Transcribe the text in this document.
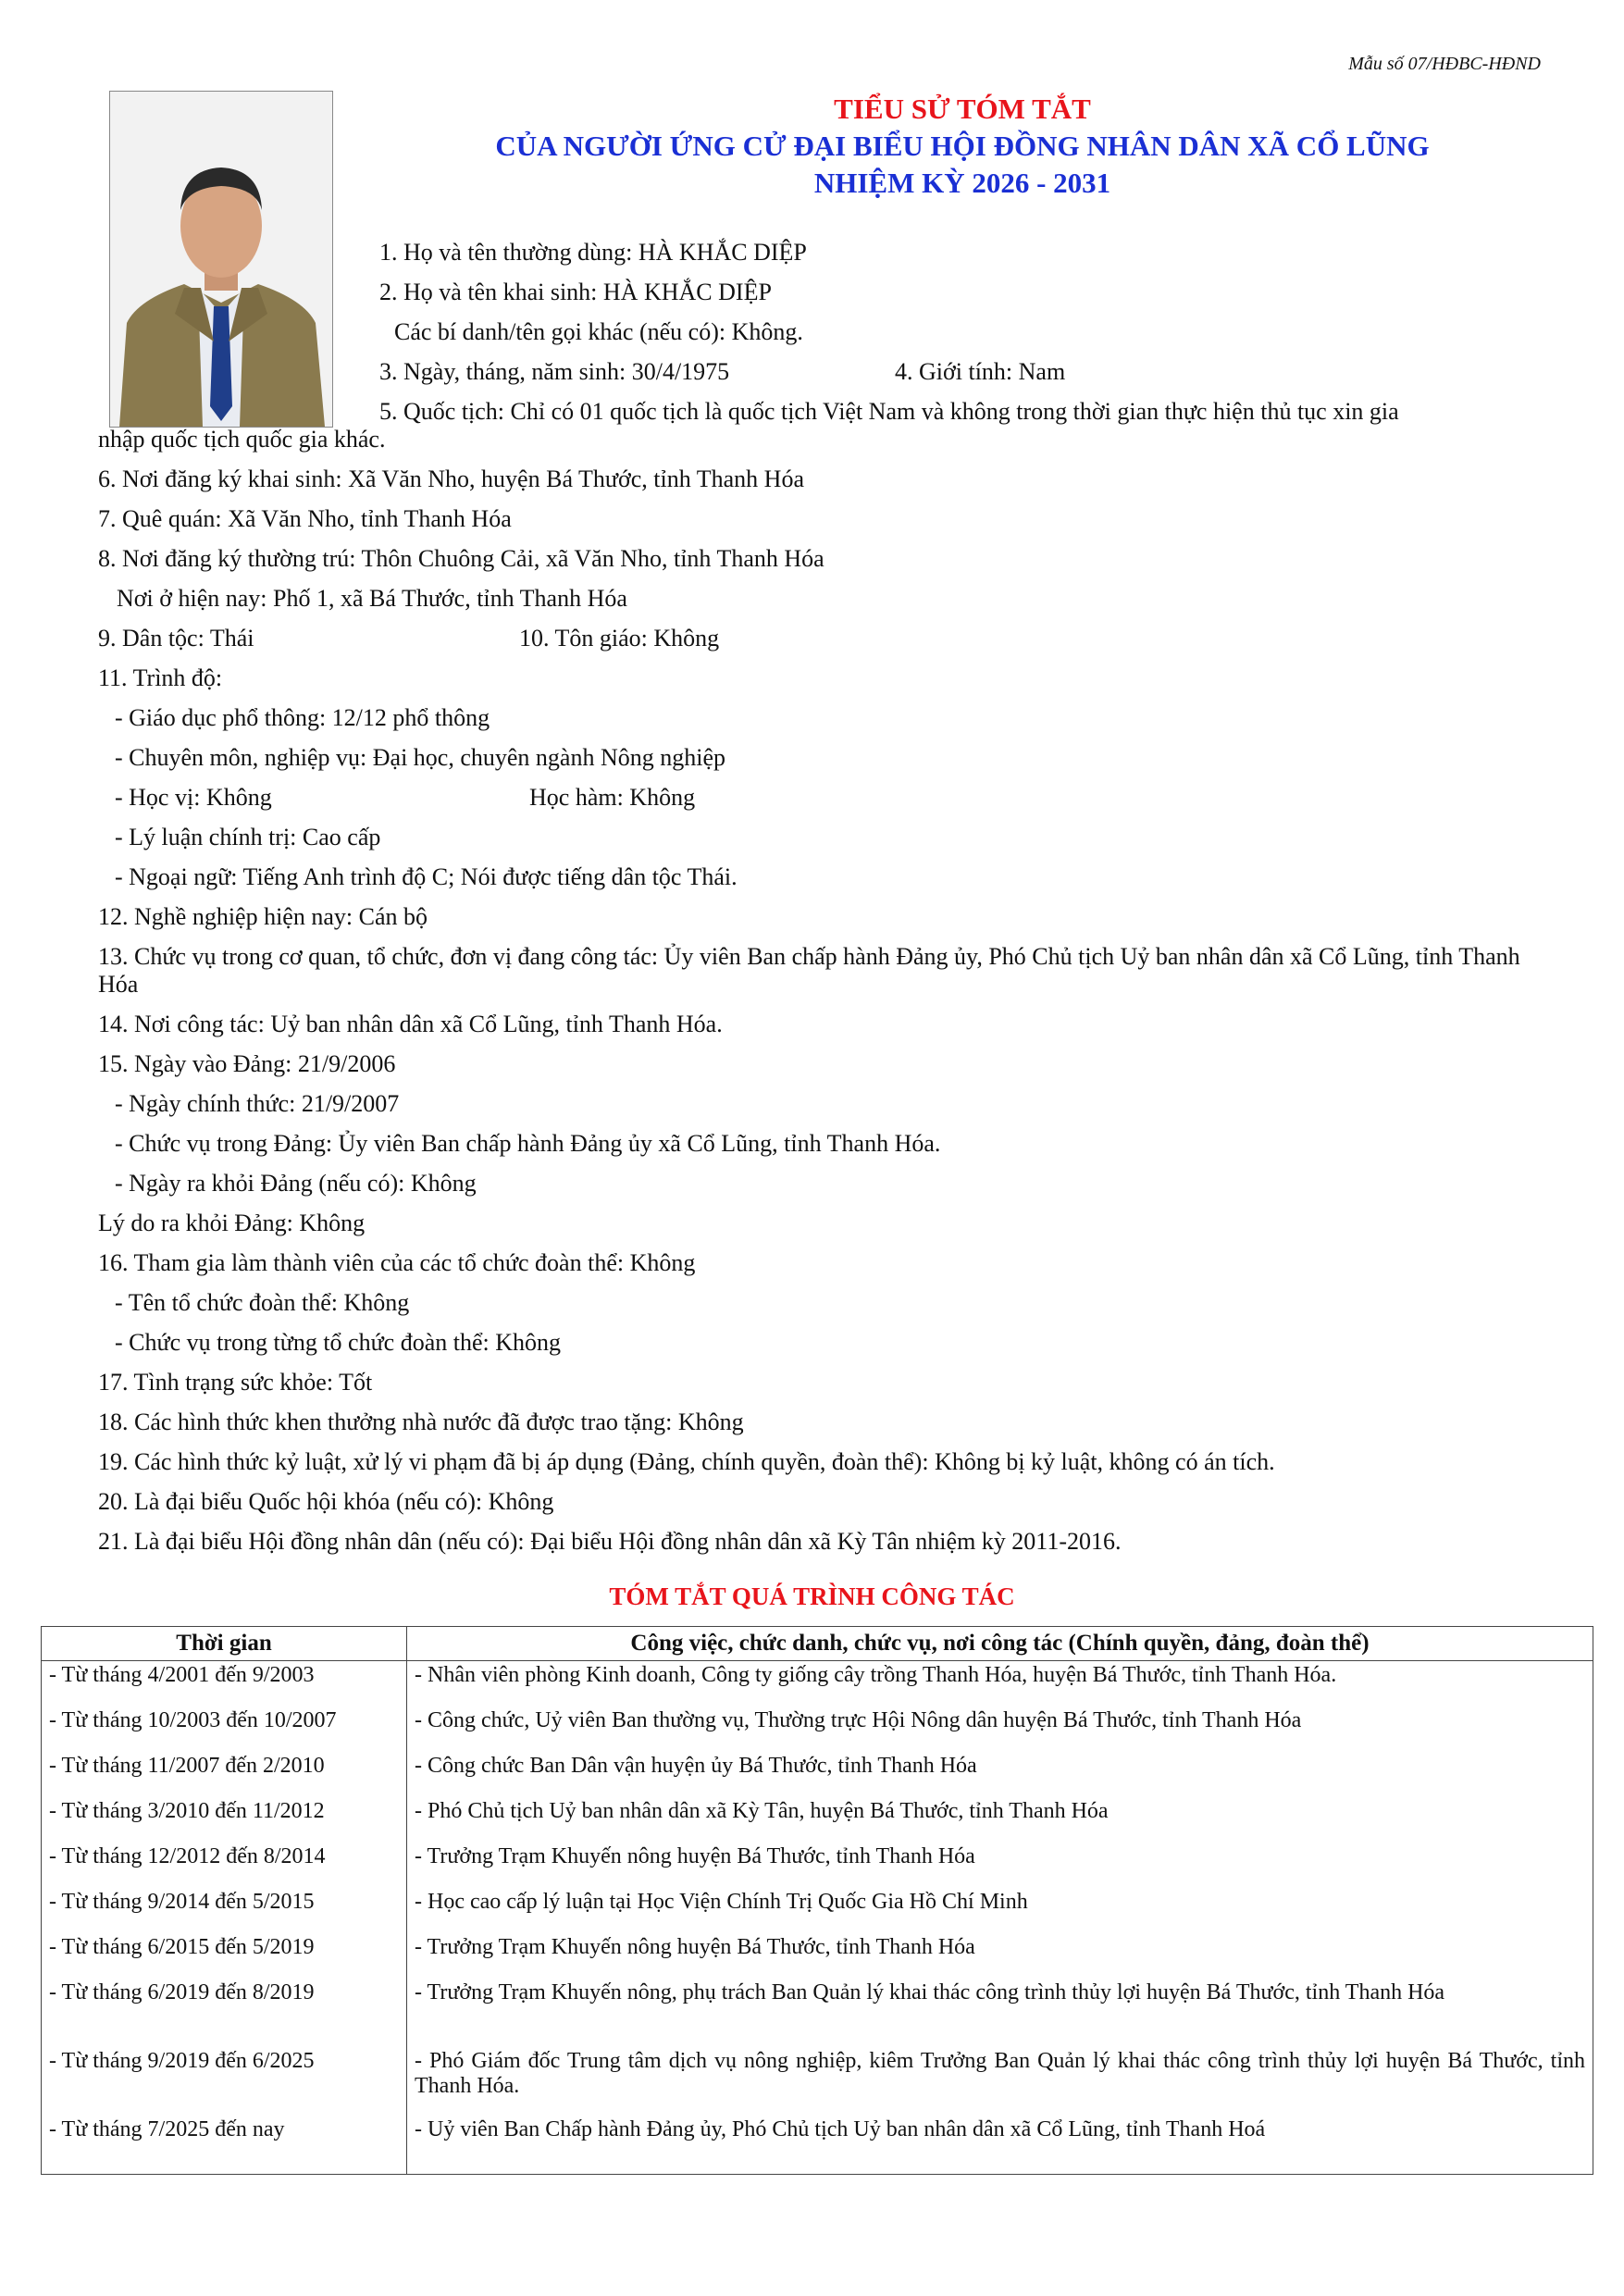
Mẫu số 07/HĐBC-HĐND
TIỂU SỬ TÓM TẮT
CỦA NGƯỜI ỨNG CỬ ĐẠI BIỂU HỘI ĐỒNG NHÂN DÂN XÃ CỔ LŨNG
NHIỆM KỲ 2026 - 2031
1. Họ và tên thường dùng: HÀ KHẮC DIỆP
2. Họ và tên khai sinh: HÀ KHẮC DIỆP
Các bí danh/tên gọi khác (nếu có): Không.
3. Ngày, tháng, năm sinh: 30/4/1975	4. Giới tính: Nam
5. Quốc tịch: Chỉ có 01 quốc tịch là quốc tịch Việt Nam và không trong thời gian thực hiện thủ tục xin gia
nhập quốc tịch quốc gia khác.
6. Nơi đăng ký khai sinh: Xã Văn Nho, huyện Bá Thước, tỉnh Thanh Hóa
7. Quê quán: Xã Văn Nho, tỉnh Thanh Hóa
8. Nơi đăng ký thường trú: Thôn Chuông Cải, xã Văn Nho, tỉnh Thanh Hóa
Nơi ở hiện nay: Phố 1, xã Bá Thước, tỉnh Thanh Hóa
9. Dân tộc: Thái	10. Tôn giáo: Không
11. Trình độ:
- Giáo dục phổ thông: 12/12 phổ thông
- Chuyên môn, nghiệp vụ: Đại học, chuyên ngành Nông nghiệp
- Học vị: Không	Học hàm: Không
- Lý luận chính trị: Cao cấp
- Ngoại ngữ: Tiếng Anh trình độ C; Nói được tiếng dân tộc Thái.
12. Nghề nghiệp hiện nay: Cán bộ
13. Chức vụ trong cơ quan, tổ chức, đơn vị đang công tác: Ủy viên Ban chấp hành Đảng ủy, Phó Chủ tịch Uỷ ban nhân dân xã Cổ Lũng, tỉnh Thanh Hóa
14. Nơi công tác: Uỷ ban nhân dân xã Cổ Lũng, tỉnh Thanh Hóa.
15. Ngày vào Đảng: 21/9/2006
- Ngày chính thức: 21/9/2007
- Chức vụ trong Đảng: Ủy viên Ban chấp hành Đảng ủy xã Cổ Lũng, tỉnh Thanh Hóa.
- Ngày ra khỏi Đảng (nếu có): Không
Lý do ra khỏi Đảng: Không
16. Tham gia làm thành viên của các tổ chức đoàn thể: Không
- Tên tổ chức đoàn thể: Không
- Chức vụ trong từng tổ chức đoàn thể: Không
17. Tình trạng sức khỏe: Tốt
18. Các hình thức khen thưởng nhà nước đã được trao tặng: Không
19. Các hình thức kỷ luật, xử lý vi phạm đã bị áp dụng (Đảng, chính quyền, đoàn thể): Không bị kỷ luật, không có án tích.
20. Là đại biểu Quốc hội khóa (nếu có): Không
21. Là đại biểu Hội đồng nhân dân (nếu có): Đại biểu Hội đồng nhân dân xã Kỳ Tân nhiệm kỳ 2011-2016.
TÓM TẮT QUÁ TRÌNH CÔNG TÁC
Thời gian	Công việc, chức danh, chức vụ, nơi công tác (Chính quyền, đảng, đoàn thể)
- Từ tháng 4/2001 đến 9/2003	- Nhân viên phòng Kinh doanh, Công ty giống cây trồng Thanh Hóa, huyện Bá Thước, tỉnh Thanh Hóa.
- Từ tháng 10/2003 đến 10/2007	- Công chức, Uỷ viên Ban thường vụ, Thường trực Hội Nông dân huyện Bá Thước, tỉnh Thanh Hóa
- Từ tháng 11/2007 đến 2/2010	- Công chức Ban Dân vận huyện ủy Bá Thước, tỉnh Thanh Hóa
- Từ tháng 3/2010 đến 11/2012	- Phó Chủ tịch Uỷ ban nhân dân xã Kỳ Tân, huyện Bá Thước, tỉnh Thanh Hóa
- Từ tháng 12/2012 đến 8/2014	- Trưởng Trạm Khuyến nông huyện Bá Thước, tỉnh Thanh Hóa
- Từ tháng 9/2014 đến 5/2015	- Học cao cấp lý luận tại Học Viện Chính Trị Quốc Gia Hồ Chí Minh
- Từ tháng 6/2015 đến 5/2019	- Trưởng Trạm Khuyến nông huyện Bá Thước, tỉnh Thanh Hóa
- Từ tháng 6/2019 đến 8/2019	- Trưởng Trạm Khuyến nông, phụ trách Ban Quản lý khai thác công trình thủy lợi huyện Bá Thước, tỉnh Thanh Hóa
- Từ tháng 9/2019 đến 6/2025	- Phó Giám đốc Trung tâm dịch vụ nông nghiệp, kiêm Trưởng Ban Quản lý khai thác công trình thủy lợi huyện Bá Thước, tỉnh Thanh Hóa.
- Từ tháng 7/2025 đến nay	- Uỷ viên Ban Chấp hành Đảng ủy, Phó Chủ tịch Uỷ ban nhân dân xã Cổ Lũng, tỉnh Thanh Hoá
